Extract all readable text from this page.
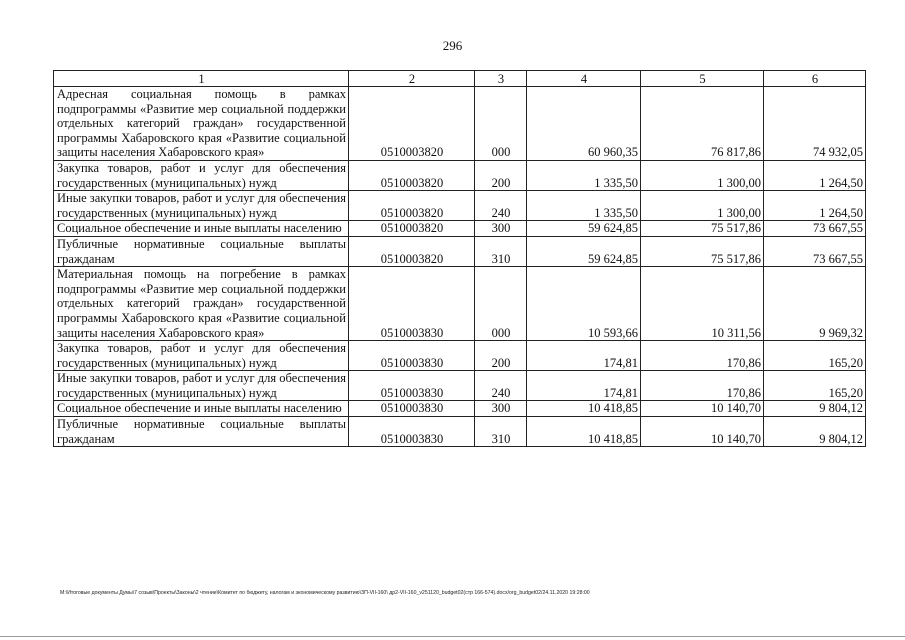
296
1	2	3	4	5	6
Адресная социальная помощь в рамках подпрограммы «Развитие мер социальной поддержки отдельных категорий граждан» государственной программы Хабаровского края «Развитие социальной защиты населения Хабаровского края»	0510003820	000	60 960,35	76 817,86	74 932,05
Закупка товаров, работ и услуг для обеспечения государственных (муниципальных) нужд	0510003820	200	1 335,50	1 300,00	1 264,50
Иные закупки товаров, работ и услуг для обеспечения государственных (муниципальных) нужд	0510003820	240	1 335,50	1 300,00	1 264,50
Социальное обеспечение и иные выплаты населению	0510003820	300	59 624,85	75 517,86	73 667,55
Публичные нормативные социальные выплаты гражданам	0510003820	310	59 624,85	75 517,86	73 667,55
Материальная помощь на погребение в рамках подпрограммы «Развитие мер социальной поддержки отдельных категорий граждан» государственной программы Хабаровского края «Развитие социальной защиты населения Хабаровского края»	0510003830	000	10 593,66	10 311,56	9 969,32
Закупка товаров, работ и услуг для обеспечения государственных (муниципальных) нужд	0510003830	200	174,81	170,86	165,20
Иные закупки товаров, работ и услуг для обеспечения государственных (муниципальных) нужд	0510003830	240	174,81	170,86	165,20
Социальное обеспечение и иные выплаты населению	0510003830	300	10 418,85	10 140,70	9 804,12
Публичные нормативные социальные выплаты гражданам	0510003830	310	10 418,85	10 140,70	9 804,12
М:\Итоговые документы Думы\7 созыв\Проекты\Законы\2 чтение\Комитет по бюджету, налогам и экономическому развитию\ЗП-VII-160\ др2-VII-160_v251120_budget02(стр 166-574).docx/org_budget02/24.11.2020 19:28:00
